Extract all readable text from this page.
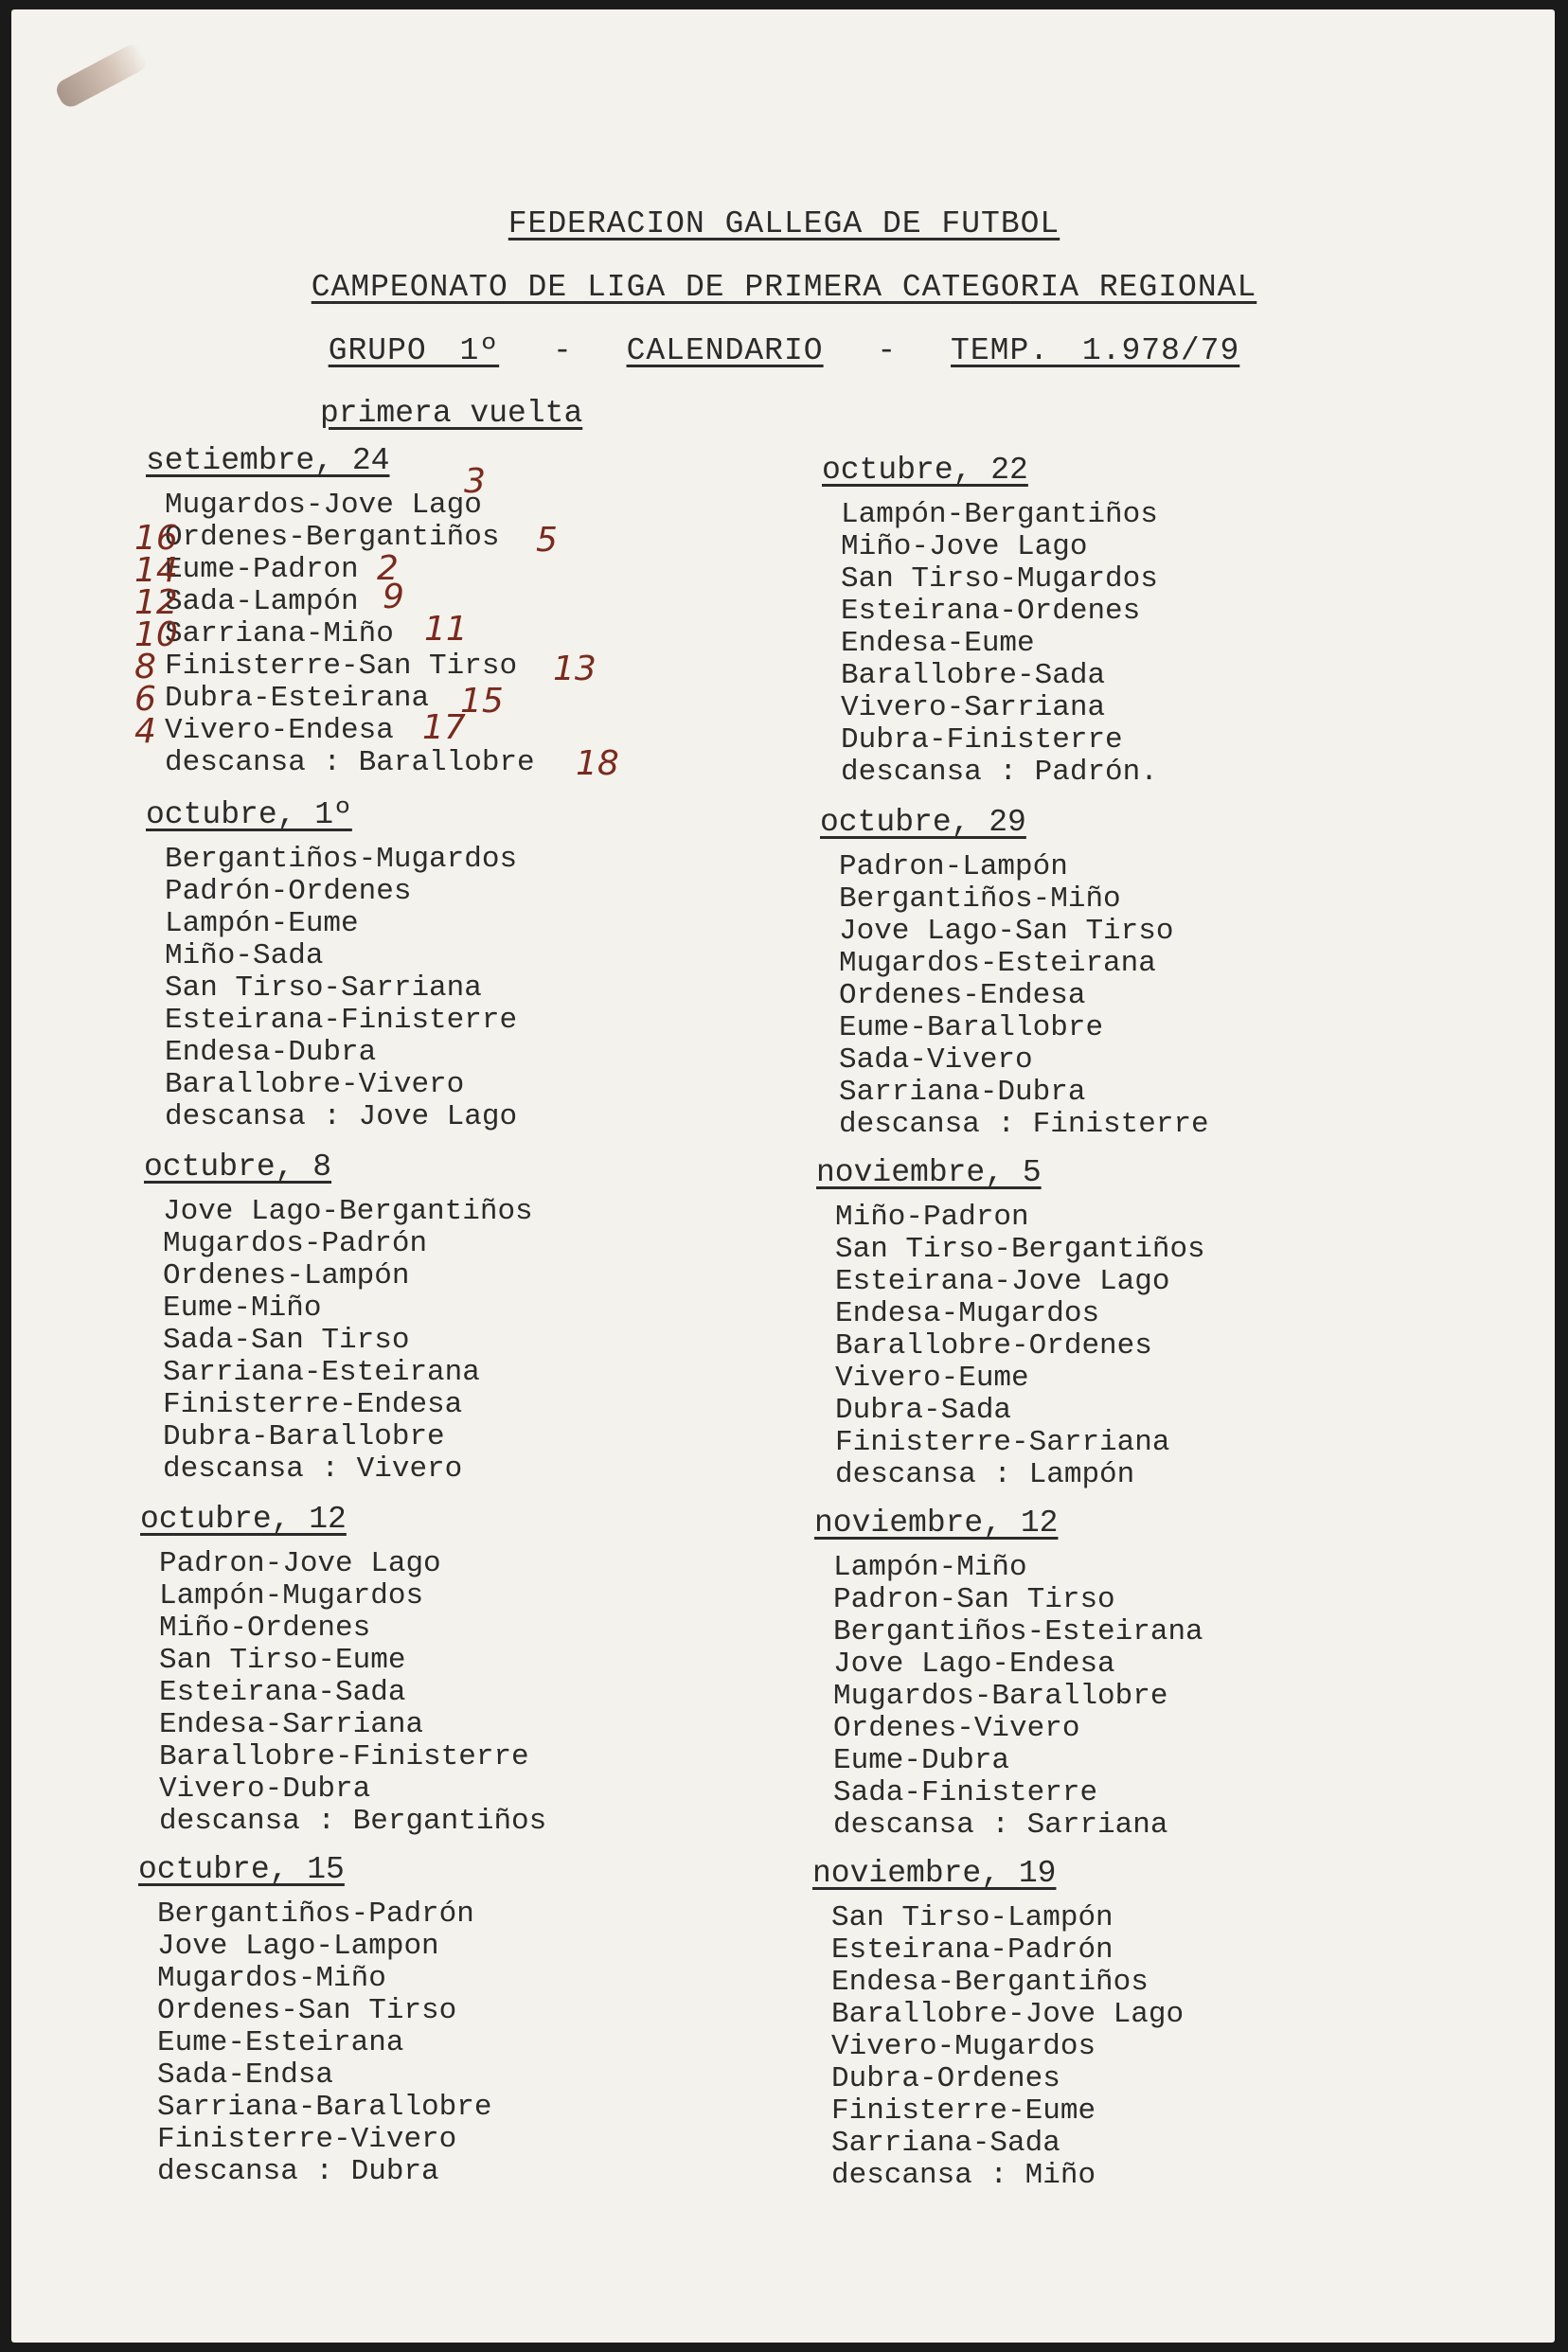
FEDERACION GALLEGA DE FUTBOL
CAMPEONATO DE LIGA DE PRIMERA CATEGORIA REGIONAL
GRUPO 1º - CALENDARIO - TEMP. 1.978/79
primera vuelta
setiembre, 24
Mugardos-Jove Lago
Ordenes-Bergantiños
Eume-Padron
Sada-Lampón
Sarriana-Miño
Finisterre-San Tirso
Dubra-Esteirana
Vivero-Endesa
descansa : Barallobre
octubre, 1º
Bergantiños-Mugardos
Padrón-Ordenes
Lampón-Eume
Miño-Sada
San Tirso-Sarriana
Esteirana-Finisterre
Endesa-Dubra
Barallobre-Vivero
descansa : Jove Lago
octubre, 8
Jove Lago-Bergantiños
Mugardos-Padrón
Ordenes-Lampón
Eume-Miño
Sada-San Tirso
Sarriana-Esteirana
Finisterre-Endesa
Dubra-Barallobre
descansa : Vivero
octubre, 12
Padron-Jove Lago
Lampón-Mugardos
Miño-Ordenes
San Tirso-Eume
Esteirana-Sada
Endesa-Sarriana
Barallobre-Finisterre
Vivero-Dubra
descansa : Bergantiños
octubre, 15
Bergantiños-Padrón
Jove Lago-Lampon
Mugardos-Miño
Ordenes-San Tirso
Eume-Esteirana
Sada-Endsa
Sarriana-Barallobre
Finisterre-Vivero
descansa : Dubra
octubre, 22
Lampón-Bergantiños
Miño-Jove Lago
San Tirso-Mugardos
Esteirana-Ordenes
Endesa-Eume
Barallobre-Sada
Vivero-Sarriana
Dubra-Finisterre
descansa : Padrón.
octubre, 29
Padron-Lampón
Bergantiños-Miño
Jove Lago-San Tirso
Mugardos-Esteirana
Ordenes-Endesa
Eume-Barallobre
Sada-Vivero
Sarriana-Dubra
descansa : Finisterre
noviembre, 5
Miño-Padron
San Tirso-Bergantiños
Esteirana-Jove Lago
Endesa-Mugardos
Barallobre-Ordenes
Vivero-Eume
Dubra-Sada
Finisterre-Sarriana
descansa : Lampón
noviembre, 12
Lampón-Miño
Padron-San Tirso
Bergantiños-Esteirana
Jove Lago-Endesa
Mugardos-Barallobre
Ordenes-Vivero
Eume-Dubra
Sada-Finisterre
descansa : Sarriana
noviembre, 19
San Tirso-Lampón
Esteirana-Padrón
Endesa-Bergantiños
Barallobre-Jove Lago
Vivero-Mugardos
Dubra-Ordenes
Finisterre-Eume
Sarriana-Sada
descansa : Miño
3
16	5
14	2
12	9
10	11
8	13
6	15
4	17
18
